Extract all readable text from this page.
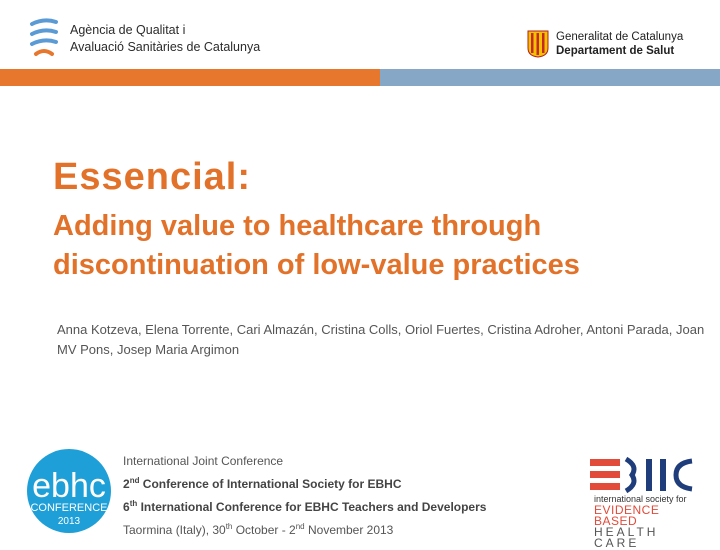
Agència de Qualitat i
Avaluació Sanitàries de Catalunya
Generalitat de Catalunya
Departament de Salut
Essencial:
Adding value to healthcare through discontinuation of low-value practices
Anna Kotzeva, Elena Torrente, Cari Almazán, Cristina Colls, Oriol Fuertes, Cristina Adroher, Antoni Parada, Joan MV Pons, Josep Maria Argimon
ebhc
CONFERENCE
2013
International Joint Conference
2nd Conference of International Society for EBHC
6th International Conference for EBHC Teachers and Developers
Taormina (Italy), 30th October - 2nd November 2013
international society for
EVIDENCE BASED
HEALTH CARE
